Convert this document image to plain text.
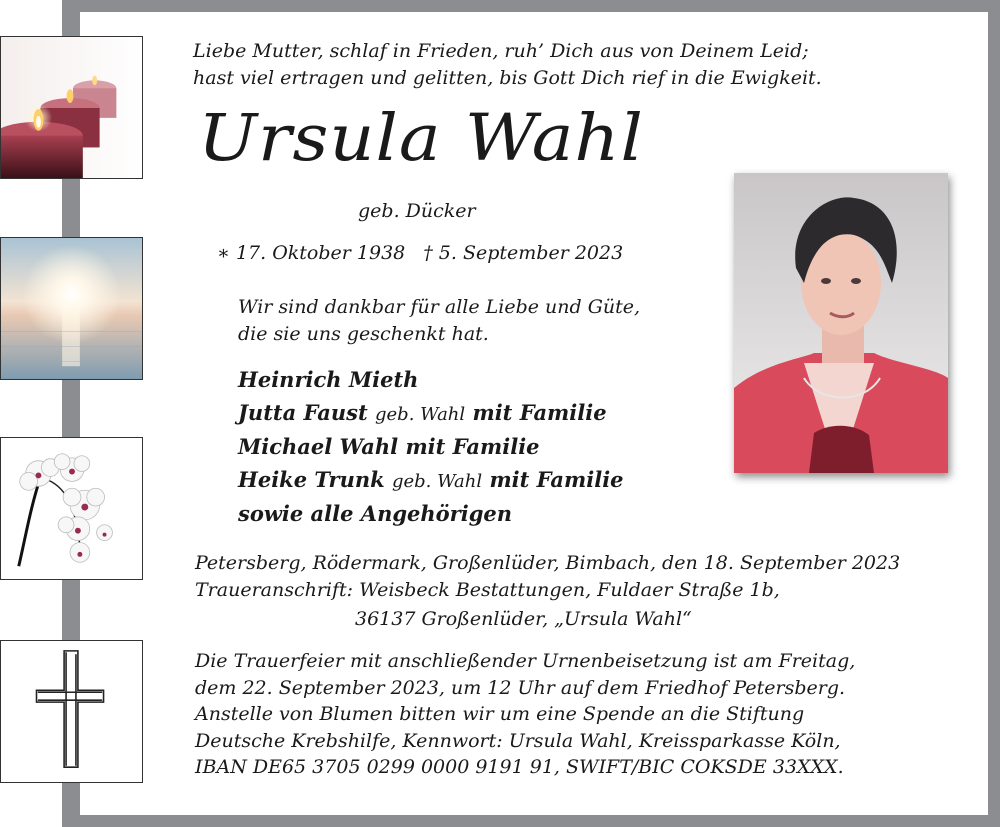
Liebe Mutter, schlaf in Frieden, ruh’ Dich aus von Deinem Leid;
hast viel ertragen und gelitten, bis Gott Dich rief in die Ewigkeit.
Ursula Wahl
geb. Dücker
∗ 17. Oktober 1938 † 5. September 2023
Wir sind dankbar für alle Liebe und Güte,
die sie uns geschenkt hat.
Heinrich Mieth
Jutta Faust geb. Wahl mit Familie
Michael Wahl mit Familie
Heike Trunk geb. Wahl mit Familie
sowie alle Angehörigen
Petersberg, Rödermark, Großenlüder, Bimbach, den 18. September 2023
Traueranschrift: Weisbeck Bestattungen, Fuldaer Straße 1b,
36137 Großenlüder, „Ursula Wahl“
Die Trauerfeier mit anschließender Urnenbeisetzung ist am Freitag,
dem 22. September 2023, um 12 Uhr auf dem Friedhof Petersberg.
Anstelle von Blumen bitten wir um eine Spende an die Stiftung
Deutsche Krebshilfe, Kennwort: Ursula Wahl, Kreissparkasse Köln,
IBAN DE65 3705 0299 0000 9191 91, SWIFT/BIC COKSDE 33XXX.
